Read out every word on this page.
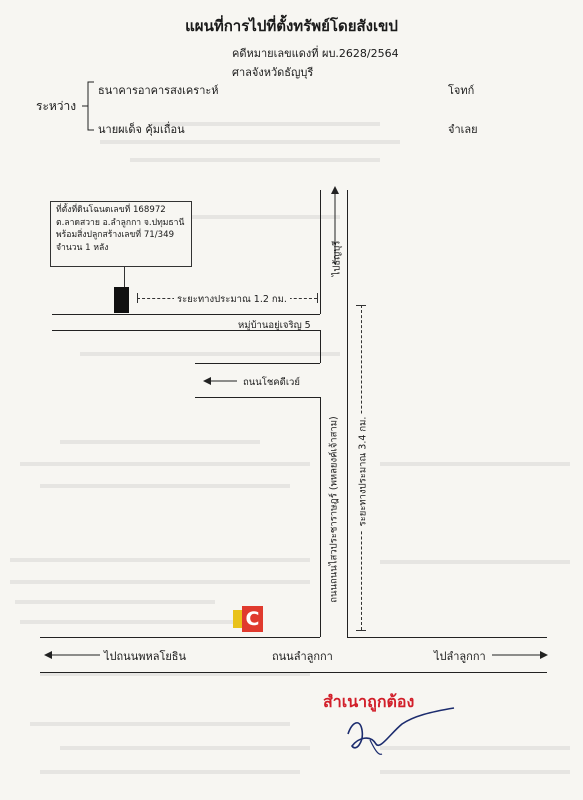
แผนที่การไปที่ตั้งทรัพย์โดยสังเขป
คดีหมายเลขแดงที่ ผบ.2628/2564
ศาลจังหวัดธัญบุรี
ระหว่าง
ธนาคารอาคารสงเคราะห์	โจทก์
นายผเด็จ คุ้มเถื่อน	จำเลย
ที่ตั้งที่ดินโฉนดเลขที่ 168972
ต.ลาดสวาย อ.ลำลูกกา จ.ปทุมธานี
พร้อมสิ่งปลูกสร้างเลขที่ 71/349
จำนวน 1 หลัง
ระยะทางประมาณ 1.2 กม.
หมู่บ้านอยู่เจริญ 5
ไปธัญบุรี
ถนนโชคดีเวย์
ถนนถนนไสวประชาราษฎร์ (พหลยงค์เจ้าสาม) ระยะทางประมาณ 3.4 กม.
C
ไปถนนพหลโยธิน	ถนนลำลูกกา	ไปลำลูกกา
สำเนาถูกต้อง
